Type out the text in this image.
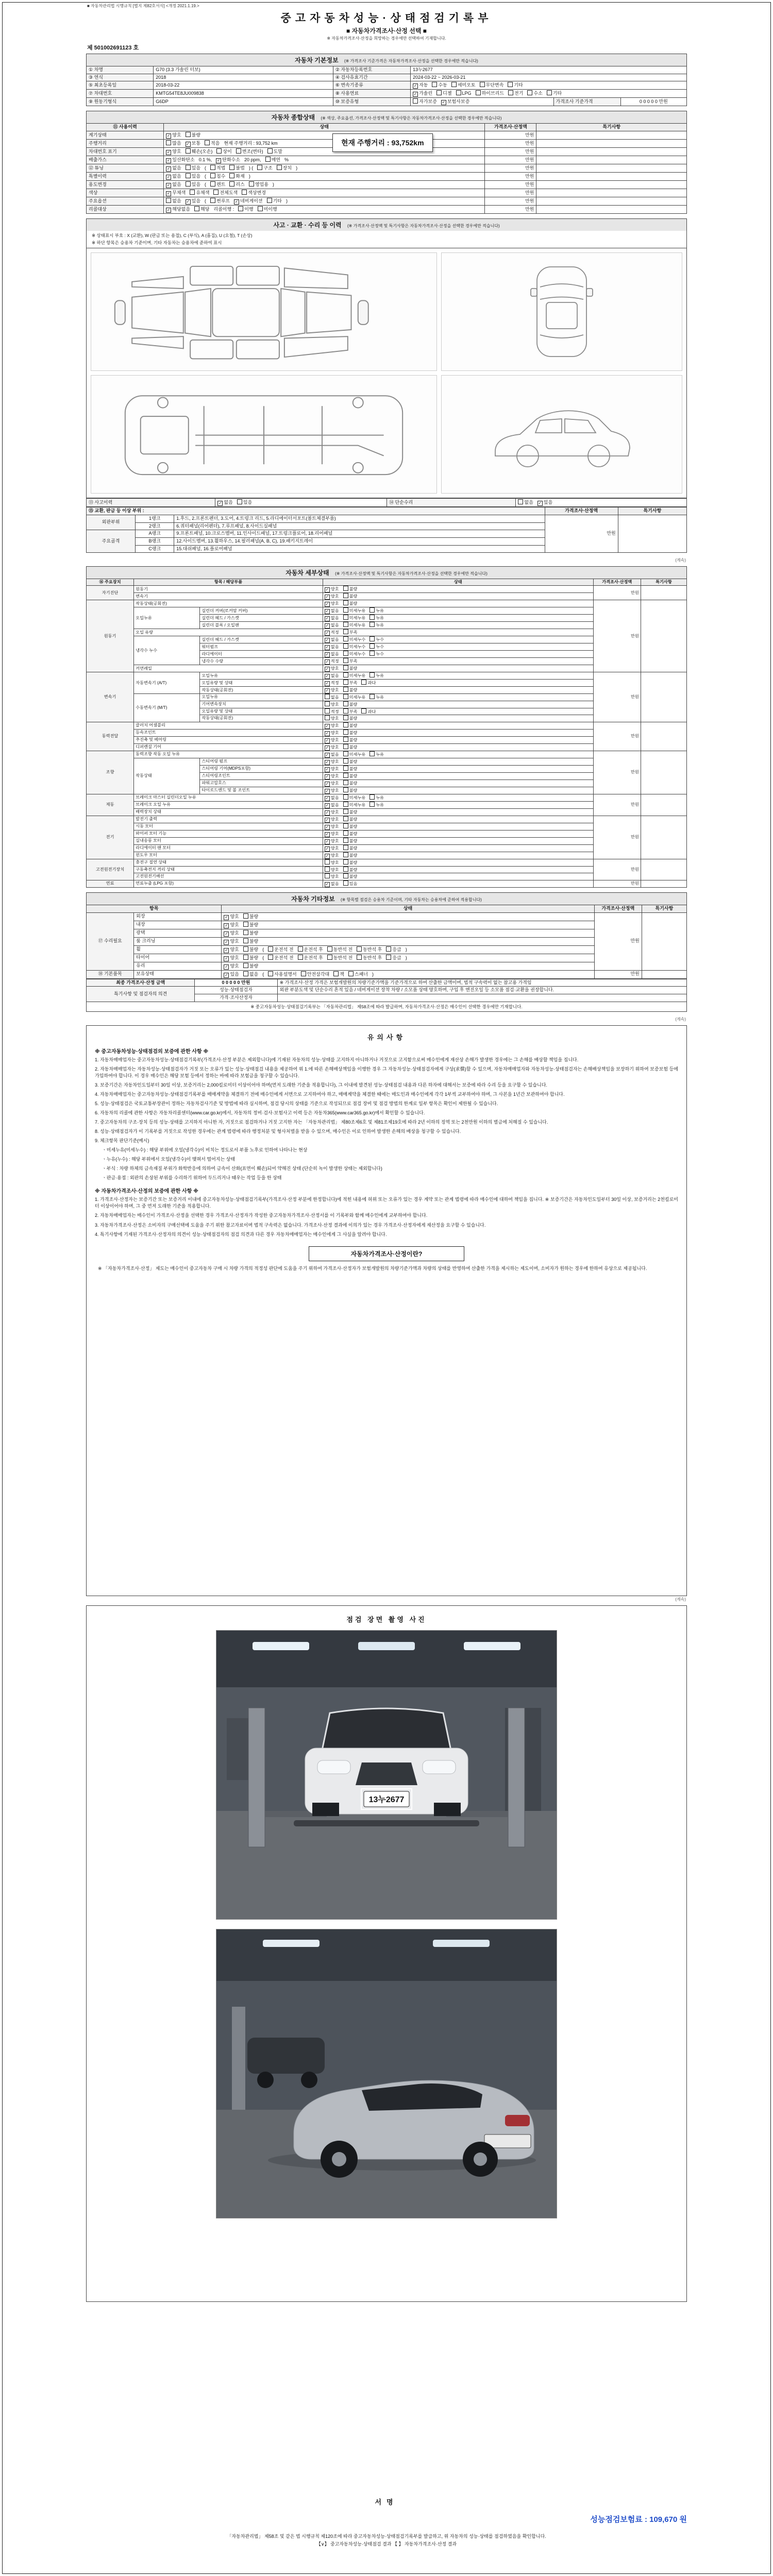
■ 자동차관리법 시행규칙 [별지 제82호서식] <개정 2021.1.19.>
중고자동차성능·상태점검기록부
■ 자동차가격조사·산정 선택 ■
※ 자동차가격조사·산정을 희망하는 경우에만 선택하여 기재합니다.
제 501002691123 호
자동차 기본정보 (※ 가격조사 기준가격은 자동차가격조사·산정을 선택한 경우에만 적습니다)
① 차명	G70 (3.3 가솔린 터보)	② 자동차등록번호	13누2677		
③ 연식	2018	④ 검사유효기간	2024-03-22 ~ 2026-03-21		
⑤ 최초등록일	2018-03-22	⑥ 변속기종류	✓ 자동 수동 세미오토 무단변속 기타		
⑦ 차대번호	KMTG54TE8JU009838	⑧ 사용연료	✓ 가솔린 디젤 LPG 하이브리드 전기 수소 기타		
⑨ 원동기형식	G6DP	⑩ 보증유형	자가보증 ✓ 보험사보증	가격조사 기준가격	0 0 0 0 0 만원
자동차 종합상태 (※ 색상, 주요옵션, 가격조사·산정액 및 특기사항은 자동차가격조사·산정을 선택한 경우에만 적습니다)
⑪ 사용이력	상태	가격조사·산정액	특기사항
계기상태	✓ 양호 불량	만원	
주행거리	많음 ✓ 보통 적음 현재 주행거리 : 93,752 km	만원	
차대번호 표기	✓ 양호 훼손(오손) 상이 변조(변타) 도말	만원	
배출가스	✓ 일산화탄소 0.1 %, ✓ 탄화수소 20 ppm, 매연 %	만원	
⑫ 튜닝	✓ 없음 있음 ( 적법 불법 ) ( 구조 장치 )	만원	
특별이력	✓ 없음 있음 ( 침수 화재 )	만원	
용도변경	✓ 없음 있음 ( 렌트 리스 영업용 )	만원	
색상	✓ 무채색 유채색 전체도색 색상변경	만원	
주요옵션	없음 ✓ 있음 ( 썬루프 ✓ 네비게이션 기타 )	만원	
리콜대상	✓ 해당없음 해당 리콜이행 : 이행 미이행	만원	
현재 주행거리 : 93,752km
사고 · 교환 · 수리 등 이력 (※ 가격조사·산정액 및 특기사항은 자동차가격조사·산정을 선택한 경우에만 적습니다)
※ 상태표시 부호 : X (교환), W (판금 또는 용접), C (부식), A (흠집), U (요철), T (손상)
※ 하단 항목은 승용차 기준이며, 기타 자동차는 승용차에 준하여 표시
⑬ 사고이력	✓ 없음 있음	⑭ 단순수리	없음 ✓ 있음
⑮ 교환, 판금 등 이상 부위 :			가격조사·산정액	특기사항
외판부위	1랭크	1.후드, 2.프론트펜더, 3.도어, 4.트렁크 리드, 5.라디에이터서포트(볼트체결부품)	만원	
	2랭크	6.쿼터패널(리어펜더), 7.루프패널, 8.사이드실패널		
주요골격	A랭크	9.프론트패널, 10.크로스멤버, 11.인사이드패널, 17.트렁크플로어, 18.리어패널		
	B랭크	12.사이드멤버, 13.휠하우스, 14.필러패널(A, B, C), 19.패키지트레이		
	C랭크	15.대쉬패널, 16.플로어패널		
(계속)
자동차 세부상태 (※ 가격조사·산정액 및 특기사항은 자동차가격조사·산정을 선택한 경우에만 적습니다)
⑯ 주요장치	항목 / 해당부품		상태	가격조사·산정액	특기사항
자기진단	원동기		✓ 양호 불량	만원	
	변속기		✓ 양호 불량		
원동기	작동상태(공회전)		✓ 양호 불량	만원	
	오일누유	실린더 커버(로커암 커버)	✓ 없음 미세누유 누유		
		실린더 헤드 / 가스켓	✓ 없음 미세누유 누유		
		실린더 블록 / 오일팬	✓ 없음 미세누유 누유		
	오일 유량		✓ 적정 부족		
	냉각수 누수	실린더 헤드 / 가스켓	✓ 없음 미세누수 누수		
		워터펌프	✓ 없음 미세누수 누수		
		라디에이터	✓ 없음 미세누수 누수		
		냉각수 수량	✓ 적정 부족		
	커먼레일		✓ 양호 불량		
변속기	자동변속기 (A/T)	오일누유	✓ 없음 미세누유 누유	만원	
		오일유량 및 상태	✓ 적정 부족 과다		
		작동상태(공회전)	✓ 양호 불량		
	수동변속기 (M/T)	오일누유	없음 미세누유 누유		
		기어변속장치	양호 불량		
		오일유량 및 상태	적정 부족 과다		
		작동상태(공회전)	양호 불량		
동력전달	클러치 어셈블리		✓ 양호 불량	만원	
	등속조인트		✓ 양호 불량		
	추진축 및 베어링		✓ 양호 불량		
	디퍼렌셜 기어		✓ 양호 불량		
조향	동력조향 작동 오일 누유		✓ 없음 미세누유 누유	만원	
	작동상태	스티어링 펌프	✓ 양호 불량		
		스티어링 기어(MDPS포함)	✓ 양호 불량		
		스티어링조인트	✓ 양호 불량		
		파워고압호스	✓ 양호 불량		
		타이로드엔드 및 볼 조인트	✓ 양호 불량		
제동	브레이크 마스터 실린더오일 누유		✓ 없음 미세누유 누유	만원	
	브레이크 오일 누유		✓ 없음 미세누유 누유		
	배력장치 상태		✓ 양호 불량		
전기	발전기 출력		✓ 양호 불량	만원	
	시동 모터		✓ 양호 불량		
	와이퍼 모터 기능		✓ 양호 불량		
	실내송풍 모터		✓ 양호 불량		
	라디에이터 팬 모터		✓ 양호 불량		
	윈도우 모터		✓ 양호 불량		
고전원전기장치	충전구 절연 상태		양호 불량	만원	
	구동축전지 격리 상태		양호 불량		
	고전원전기배선		양호 불량		
연료	연료누출 (LPG 포함)		✓ 없음 있음	만원	
자동차 기타정보 (※ 항목별 점검은 승용차 기준이며, 기타 자동차는 승용차에 준하여 적용합니다)
항목		상태	가격조사·산정액	특기사항
⑰ 수리필요	외장	✓ 양호 불량	만원	
	내장	✓ 양호 불량		
	광택	✓ 양호 불량		
	룸 크리닝	✓ 양호 불량		
	휠	✓ 양호 불량 ( 운전석 전 운전석 후 동반석 전 동반석 후 응급 )		
	타이어	✓ 양호 불량 ( 운전석 전 운전석 후 동반석 전 동반석 후 응급 )		
	유리	✓ 양호 불량		
⑱ 기본품목	보유상태	✓ 있음 없음 ( 사용설명서 안전삼각대 잭 스패너 )	만원	
최종 가격조사·산정 금액	0 0 0 0 0 만원	※ 가격조사·산정 가격은 보험개발원의 차량기준가액을 기준가격으로 하여 산출한 금액이며, 법적 구속력이 없는 참고용 가격임
특기사항 및 점검자의 의견	성능·상태점검자	외판 부분도색 및 단순수리 흔적 있음 / 네비게이션 장착 차량 / 소모품 상태 양호하며, 구입 후 엔진오일 등 소모품 점검·교환을 권장합니다.
	가격·조사산정자	
※ 중고자동차성능·상태점검기록부는 「자동차관리법」 제58조에 따라 발급하며, 자동차가격조사·산정은 매수인이 선택한 경우에만 기재합니다.
(계속)
유의사항
※ 중고자동차성능·상태점검의 보증에 관한 사항 ※
1. 자동차매매업자는 중고자동차성능·상태점검기록부(가격조사·산정 부분은 제외합니다)에 기재된 자동차의 성능·상태를 고지하지 아니하거나 거짓으로 고지함으로써 매수인에게 재산상 손해가 발생한 경우에는 그 손해를 배상할 책임을 집니다.
2. 자동차매매업자는 자동차성능·상태점검자가 거짓 또는 오류가 있는 성능·상태점검 내용을 제공하여 위 1.에 따른 손해배상책임을 이행한 경우 그 자동차성능·상태점검자에게 구상(求償)할 수 있으며, 자동차매매업자와 자동차성능·상태점검자는 손해배상책임을 보장하기 위하여 보증보험 등에 가입하여야 합니다. 이 경우 매수인은 해당 보험 등에서 정하는 바에 따라 보험금을 청구할 수 있습니다.
3. 보증기간은 자동차인도일부터 30일 이상, 보증거리는 2,000킬로미터 이상이어야 하며(먼저 도래한 기준을 적용합니다), 그 이내에 발견된 성능·상태점검 내용과 다른 하자에 대해서는 보증에 따라 수리 등을 요구할 수 있습니다.
4. 자동차매매업자는 중고자동차성능·상태점검기록부를 매매계약을 체결하기 전에 매수인에게 서면으로 고지하여야 하고, 매매계약을 체결한 때에는 매도인과 매수인에게 각각 1부씩 교부하여야 하며, 그 사본을 1년간 보관하여야 합니다.
5. 성능·상태점검은 국토교통부장관이 정하는 자동차검사기준 및 방법에 따라 실시하며, 점검 당시의 상태를 기준으로 작성되므로 점검 장비 및 점검 방법의 한계로 일부 항목은 확인이 제한될 수 있습니다.
6. 자동차의 리콜에 관한 사항은 자동차리콜센터(www.car.go.kr)에서, 자동차의 정비·검사·보험사고 이력 등은 자동차365(www.car365.go.kr)에서 확인할 수 있습니다.
7. 중고자동차의 구조·장치 등의 성능·상태를 고지하지 아니한 자, 거짓으로 점검하거나 거짓 고지한 자는 「자동차관리법」 제80조제6호 및 제81조제19호에 따라 2년 이하의 징역 또는 2천만원 이하의 벌금에 처해질 수 있습니다.
8. 성능·상태점검자가 이 기록부를 거짓으로 작성한 경우에는 관계 법령에 따라 행정처분 및 형사처벌을 받을 수 있으며, 매수인은 이로 인하여 발생한 손해의 배상을 청구할 수 있습니다.
9. 체크항목 판단기준(예시)
ㆍ미세누유(미세누수) : 해당 부위에 오일(냉각수)이 비치는 정도로서 부품 노후로 인하여 나타나는 현상
ㆍ누유(누수) : 해당 부위에서 오일(냉각수)이 맺혀서 떨어지는 상태
ㆍ부식 : 차량 하체의 금속재질 부위가 화학반응에 의하여 금속이 산화(표면이 훼손)되어 약해진 상태 (단순히 녹이 발생한 상태는 제외합니다)
ㆍ판금·용접 : 외판의 손상된 부위를 수리하기 위하여 두드리거나 때우는 작업 등을 한 상태
※ 자동차가격조사·산정의 보증에 관한 사항 ※
1. 가격조사·산정자는 보증기간 또는 보증거리 이내에 중고자동차성능·상태점검기록부(가격조사·산정 부분에 한정합니다)에 적힌 내용에 허위 또는 오류가 있는 경우 계약 또는 관계 법령에 따라 매수인에 대하여 책임을 집니다. ※ 보증기간은 자동차인도일부터 30일 이상, 보증거리는 2천킬로미터 이상이어야 하며, 그 중 먼저 도래한 기준을 적용합니다.
2. 자동차매매업자는 매수인이 가격조사·산정을 선택한 경우 가격조사·산정자가 작성한 중고자동차가격조사·산정서를 이 기록부와 함께 매수인에게 교부하여야 합니다.
3. 자동차가격조사·산정은 소비자의 구매선택에 도움을 주기 위한 참고자료이며 법적 구속력은 없습니다. 가격조사·산정 결과에 이의가 있는 경우 가격조사·산정자에게 재산정을 요구할 수 있습니다.
4. 특기사항에 기재된 가격조사·산정자의 의견이 성능·상태점검자의 점검 의견과 다른 경우 자동차매매업자는 매수인에게 그 사실을 알려야 합니다.
자동차가격조사·산정이란?
※ 「자동차가격조사·산정」 제도는 매수인이 중고자동차 구매 시 차량 가격의 적정성 판단에 도움을 주기 위하여 가격조사·산정자가 보험개발원의 차량기준가액과 차량의 상태를 반영하여 산출한 가격을 제시하는 제도이며, 소비자가 원하는 경우에 한하여 유상으로 제공됩니다.
(계속)
점검 장면 촬영 사진
13누2677
서명
성능점검보험료 : 109,670 원
「자동차관리법」 제58조 및 같은 법 시행규칙 제120조에 따라 중고자동차성능·상태점검기록부를 발급하고, 위 자동차의 성능·상태를 점검하였음을 확인합니다.
【∨】 중고자동차성능·상태점검 결과 【 】 자동차가격조사·산정 결과
